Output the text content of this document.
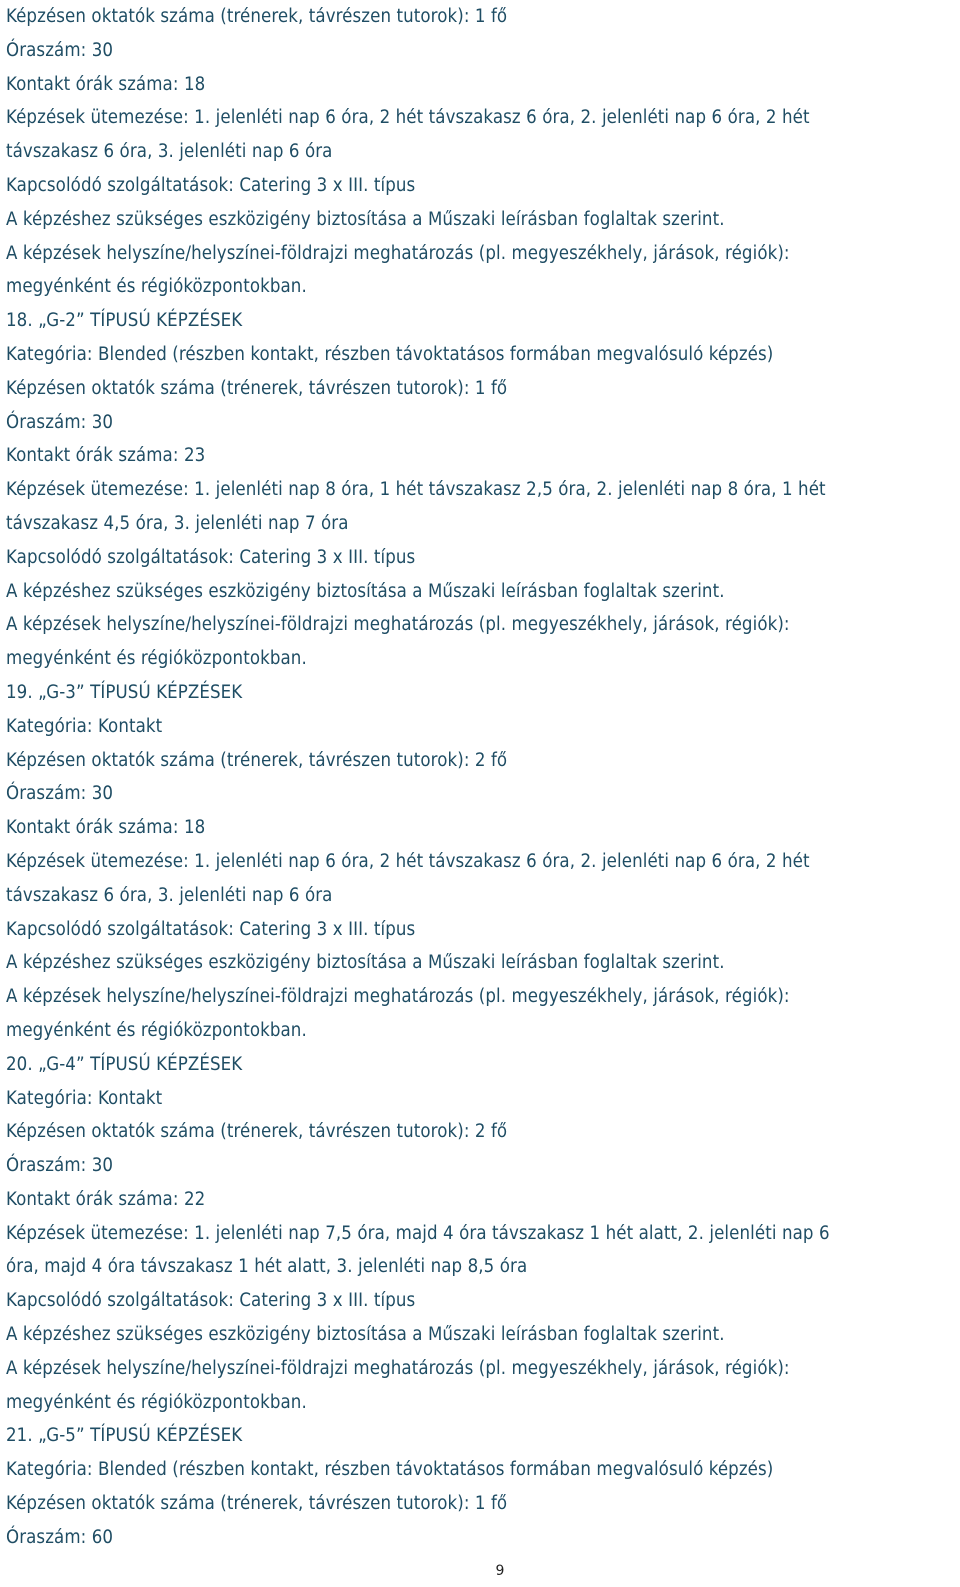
Képzésen oktatók száma (trénerek, távrészen tutorok): 1 fő
Óraszám: 30
Kontakt órák száma: 18
Képzések ütemezése: 1. jelenléti nap 6 óra, 2 hét távszakasz 6 óra, 2. jelenléti nap 6 óra, 2 hét
távszakasz 6 óra, 3. jelenléti nap 6 óra
Kapcsolódó szolgáltatások: Catering 3 x III. típus
A képzéshez szükséges eszközigény biztosítása a Műszaki leírásban foglaltak szerint.
A képzések helyszíne/helyszínei-földrajzi meghatározás (pl. megyeszékhely, járások, régiók):
megyénként és régióközpontokban.
18. „G-2” TÍPUSÚ KÉPZÉSEK
Kategória: Blended (részben kontakt, részben távoktatásos formában megvalósuló képzés)
Képzésen oktatók száma (trénerek, távrészen tutorok): 1 fő
Óraszám: 30
Kontakt órák száma: 23
Képzések ütemezése: 1. jelenléti nap 8 óra, 1 hét távszakasz 2,5 óra, 2. jelenléti nap 8 óra, 1 hét
távszakasz 4,5 óra, 3. jelenléti nap 7 óra
Kapcsolódó szolgáltatások: Catering 3 x III. típus
A képzéshez szükséges eszközigény biztosítása a Műszaki leírásban foglaltak szerint.
A képzések helyszíne/helyszínei-földrajzi meghatározás (pl. megyeszékhely, járások, régiók):
megyénként és régióközpontokban.
19. „G-3” TÍPUSÚ KÉPZÉSEK
Kategória: Kontakt
Képzésen oktatók száma (trénerek, távrészen tutorok): 2 fő
Óraszám: 30
Kontakt órák száma: 18
Képzések ütemezése: 1. jelenléti nap 6 óra, 2 hét távszakasz 6 óra, 2. jelenléti nap 6 óra, 2 hét
távszakasz 6 óra, 3. jelenléti nap 6 óra
Kapcsolódó szolgáltatások: Catering 3 x III. típus
A képzéshez szükséges eszközigény biztosítása a Műszaki leírásban foglaltak szerint.
A képzések helyszíne/helyszínei-földrajzi meghatározás (pl. megyeszékhely, járások, régiók):
megyénként és régióközpontokban.
20. „G-4” TÍPUSÚ KÉPZÉSEK
Kategória: Kontakt
Képzésen oktatók száma (trénerek, távrészen tutorok): 2 fő
Óraszám: 30
Kontakt órák száma: 22
Képzések ütemezése: 1. jelenléti nap 7,5 óra, majd 4 óra távszakasz 1 hét alatt, 2. jelenléti nap 6
óra, majd 4 óra távszakasz 1 hét alatt, 3. jelenléti nap 8,5 óra
Kapcsolódó szolgáltatások: Catering 3 x III. típus
A képzéshez szükséges eszközigény biztosítása a Műszaki leírásban foglaltak szerint.
A képzések helyszíne/helyszínei-földrajzi meghatározás (pl. megyeszékhely, járások, régiók):
megyénként és régióközpontokban.
21. „G-5” TÍPUSÚ KÉPZÉSEK
Kategória: Blended (részben kontakt, részben távoktatásos formában megvalósuló képzés)
Képzésen oktatók száma (trénerek, távrészen tutorok): 1 fő
Óraszám: 60
9
